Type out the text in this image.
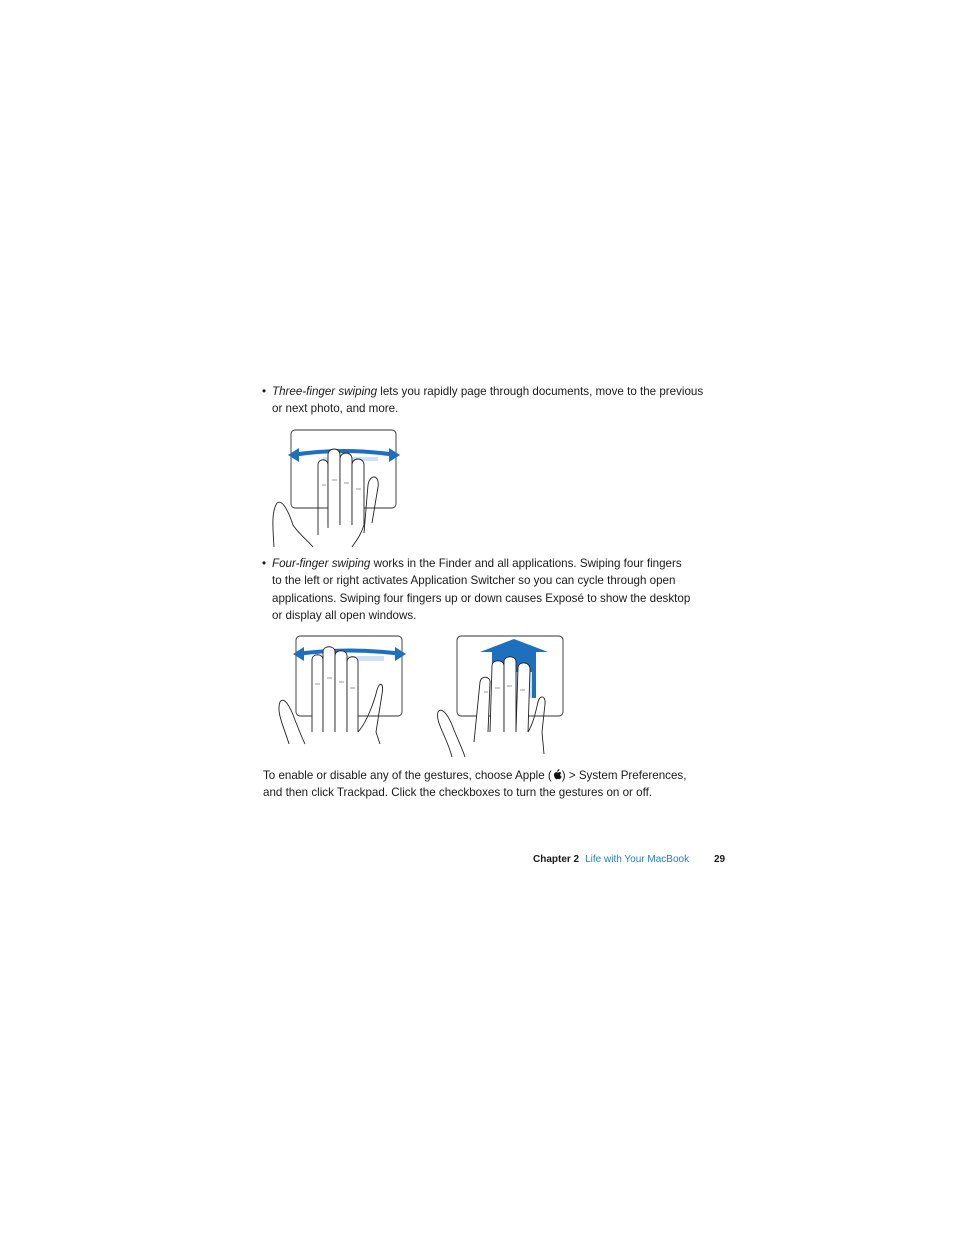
• Three-finger swiping lets you rapidly page through documents, move to the previous
or next photo, and more.

• Four-finger swiping works in the Finder and all applications. Swiping four fingers
to the left or right activates Application Switcher so you can cycle through open
applications. Swiping four fingers up or down causes Exposé to show the desktop
or display all open windows.

To enable or disable any of the gestures, choose Apple ( ) > System Preferences,
and then click Trackpad. Click the checkboxes to turn the gestures on or off.

Chapter 2 Life with Your MacBook 29
